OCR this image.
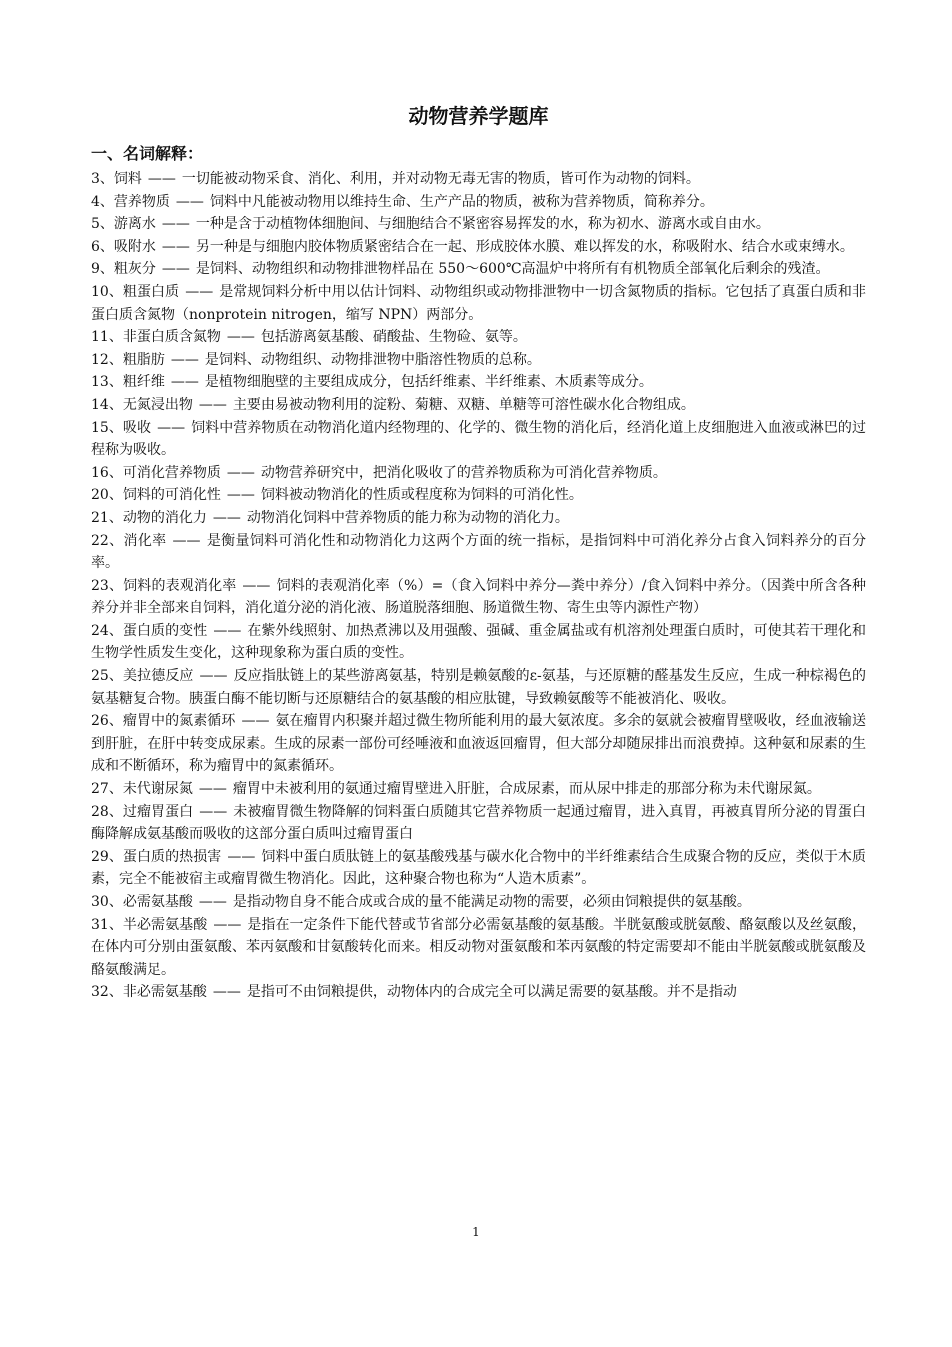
动物营养学题库
一、名词解释：

3、饲料 —— 一切能被动物采食、消化、利用，并对动物无毒无害的物质，皆可作为动物的饲料。

4、营养物质 —— 饲料中凡能被动物用以维持生命、生产产品的物质，被称为营养物质，简称养分。

5、游离水 —— 一种是含于动植物体细胞间、与细胞结合不紧密容易挥发的水，称为初水、游离水或自由水。

6、吸附水 —— 另一种是与细胞内胶体物质紧密结合在一起、形成胶体水膜、难以挥发的水，称吸附水、结合水或束缚水。

9、粗灰分 —— 是饲料、动物组织和动物排泄物样品在 550～600℃高温炉中将所有有机物质全部氧化后剩余的残渣。

10、粗蛋白质 —— 是常规饲料分析中用以估计饲料、动物组织或动物排泄物中一切含氮物质的指标。它包括了真蛋白质和非蛋白质含氮物（nonprotein nitrogen，缩写 NPN）两部分。

11、非蛋白质含氮物 —— 包括游离氨基酸、硝酸盐、生物硷、氨等。

12、粗脂肪 —— 是饲料、动物组织、动物排泄物中脂溶性物质的总称。

13、粗纤维 —— 是植物细胞壁的主要组成成分，包括纤维素、半纤维素、木质素等成分。

14、无氮浸出物 —— 主要由易被动物利用的淀粉、菊糖、双糖、单糖等可溶性碳水化合物组成。

15、吸收 —— 饲料中营养物质在动物消化道内经物理的、化学的、微生物的消化后，经消化道上皮细胞进入血液或淋巴的过程称为吸收。

16、可消化营养物质 —— 动物营养研究中，把消化吸收了的营养物质称为可消化营养物质。

20、饲料的可消化性 —— 饲料被动物消化的性质或程度称为饲料的可消化性。

21、动物的消化力 —— 动物消化饲料中营养物质的能力称为动物的消化力。

22、消化率 —— 是衡量饲料可消化性和动物消化力这两个方面的统一指标，是指饲料中可消化养分占食入饲料养分的百分率。

23、饲料的表观消化率 —— 饲料的表观消化率（%）=（食入饲料中养分—粪中养分）/食入饲料中养分。（因粪中所含各种养分并非全部来自饲料，消化道分泌的消化液、肠道脱落细胞、肠道微生物、寄生虫等内源性产物）

24、蛋白质的变性 —— 在紫外线照射、加热煮沸以及用强酸、强碱、重金属盐或有机溶剂处理蛋白质时，可使其若干理化和生物学性质发生变化，这种现象称为蛋白质的变性。

25、美拉德反应 —— 反应指肽链上的某些游离氨基，特别是赖氨酸的ε-氨基，与还原糖的醛基发生反应，生成一种棕褐色的氨基糖复合物。胰蛋白酶不能切断与还原糖结合的氨基酸的相应肽键，导致赖氨酸等不能被消化、吸收。

26、瘤胃中的氮素循环 —— 氨在瘤胃内积聚并超过微生物所能利用的最大氨浓度。多余的氨就会被瘤胃壁吸收，经血液输送到肝脏，在肝中转变成尿素。生成的尿素一部份可经唾液和血液返回瘤胃，但大部分却随尿排出而浪费掉。这种氨和尿素的生成和不断循环，称为瘤胃中的氮素循环。

27、未代谢尿氮 —— 瘤胃中未被利用的氨通过瘤胃壁进入肝脏，合成尿素，而从尿中排走的那部分称为未代谢尿氮。

28、过瘤胃蛋白 —— 未被瘤胃微生物降解的饲料蛋白质随其它营养物质一起通过瘤胃，进入真胃，再被真胃所分泌的胃蛋白酶降解成氨基酸而吸收的这部分蛋白质叫过瘤胃蛋白

29、蛋白质的热损害 —— 饲料中蛋白质肽链上的氨基酸残基与碳水化合物中的半纤维素结合生成聚合物的反应，类似于木质素，完全不能被宿主或瘤胃微生物消化。因此，这种聚合物也称为“人造木质素”。

30、必需氨基酸 —— 是指动物自身不能合成或合成的量不能满足动物的需要，必须由饲粮提供的氨基酸。

31、半必需氨基酸 —— 是指在一定条件下能代替或节省部分必需氨基酸的氨基酸。半胱氨酸或胱氨酸、酪氨酸以及丝氨酸，在体内可分别由蛋氨酸、苯丙氨酸和甘氨酸转化而来。相反动物对蛋氨酸和苯丙氨酸的特定需要却不能由半胱氨酸或胱氨酸及酪氨酸满足。

32、非必需氨基酸 —— 是指可不由饲粮提供，动物体内的合成完全可以满足需要的氨基酸。并不是指动

1
